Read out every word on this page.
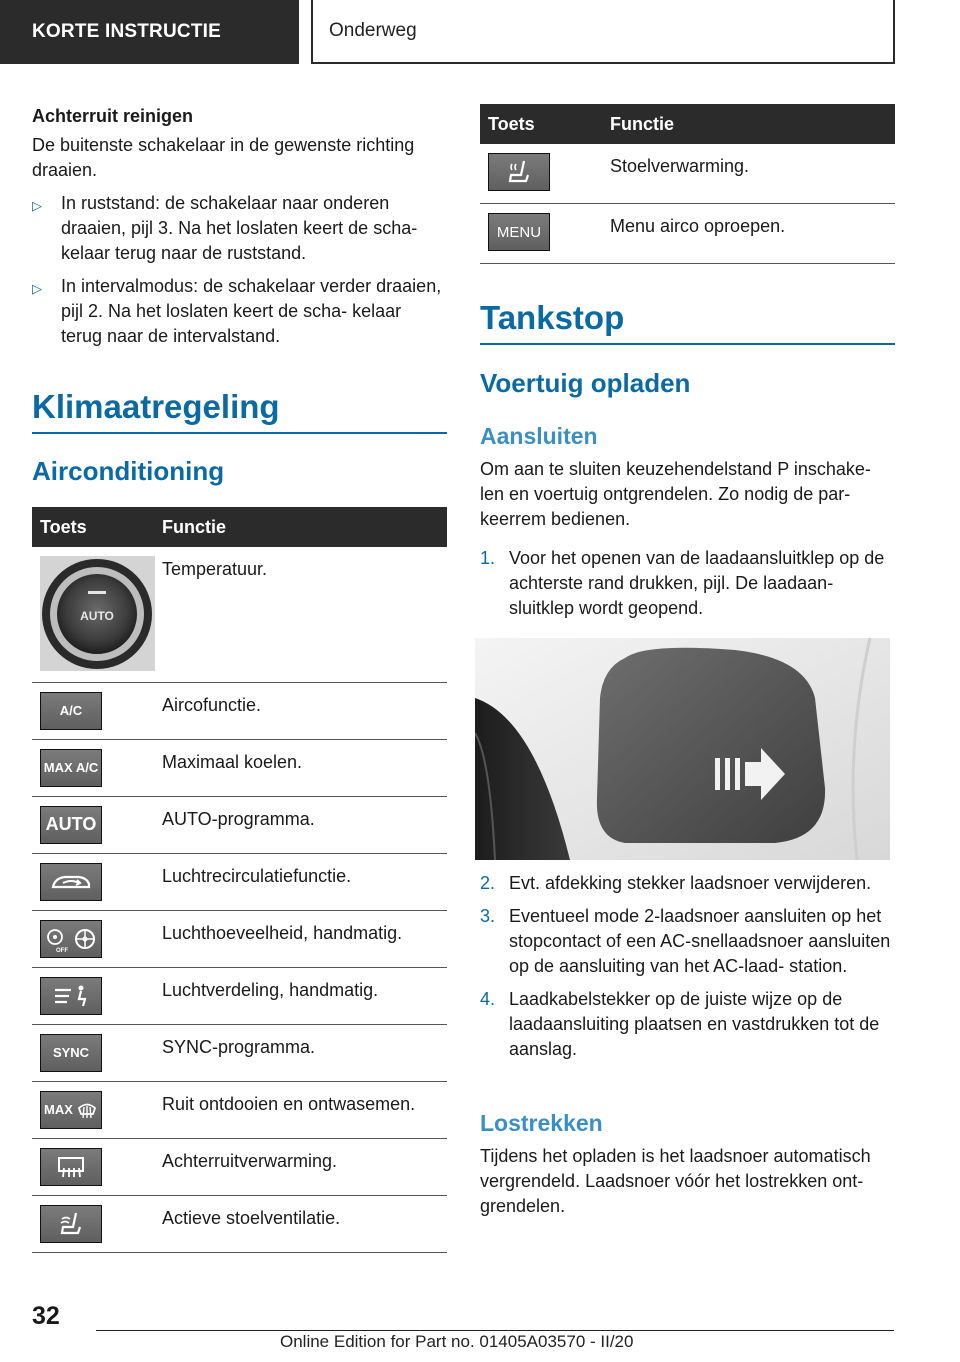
KORTE INSTRUCTIE	Onderweg
Achterruit reinigen
De buitenste schakelaar in de gewenste richting draaien.
▷ In ruststand: de schakelaar naar onderen draaien, pijl 3. Na het loslaten keert de scha‐ kelaar terug naar de ruststand.
▷ In intervalmodus: de schakelaar verder draaien, pijl 2. Na het loslaten keert de scha‐ kelaar terug naar de intervalstand.
Klimaatregeling
Airconditioning
Toets	Functie

AUTO	Temperatuur.

A/C	Aircofunctie.

MAX A/C	Maximaal koelen.

AUTO	AUTO-programma.

	Luchtrecirculatiefunctie.

OFF	Luchthoeveelheid, handmatig.

	Luchtverdeling, handmatig.

SYNC	SYNC-programma.

MAX	Ruit ontdooien en ontwasemen.

	Achterruitverwarming.

	Actieve stoelventilatie.
Toets	Functie

	Stoelverwarming.

MENU	Menu airco oproepen.
Tankstop
Voertuig opladen
Aansluiten
Om aan te sluiten keuzehendelstand P inschake‐ len en voertuig ontgrendelen. Zo nodig de par‐ keerrem bedienen.
1. Voor het openen van de laadaansluitklep op de achterste rand drukken, pijl. De laadaan‐ sluitklep wordt geopend.
2. Evt. afdekking stekker laadsnoer verwijderen.
3. Eventueel mode 2-laadsnoer aansluiten op het stopcontact of een AC-snellaadsnoer aansluiten op de aansluiting van het AC-laad‐ station.
4. Laadkabelstekker op de juiste wijze op de laadaansluiting plaatsen en vastdrukken tot de aanslag.
Lostrekken
Tijdens het opladen is het laadsnoer automatisch vergrendeld. Laadsnoer vóór het lostrekken ont‐ grendelen.
32
Online Edition for Part no. 01405A03570 - II/20
